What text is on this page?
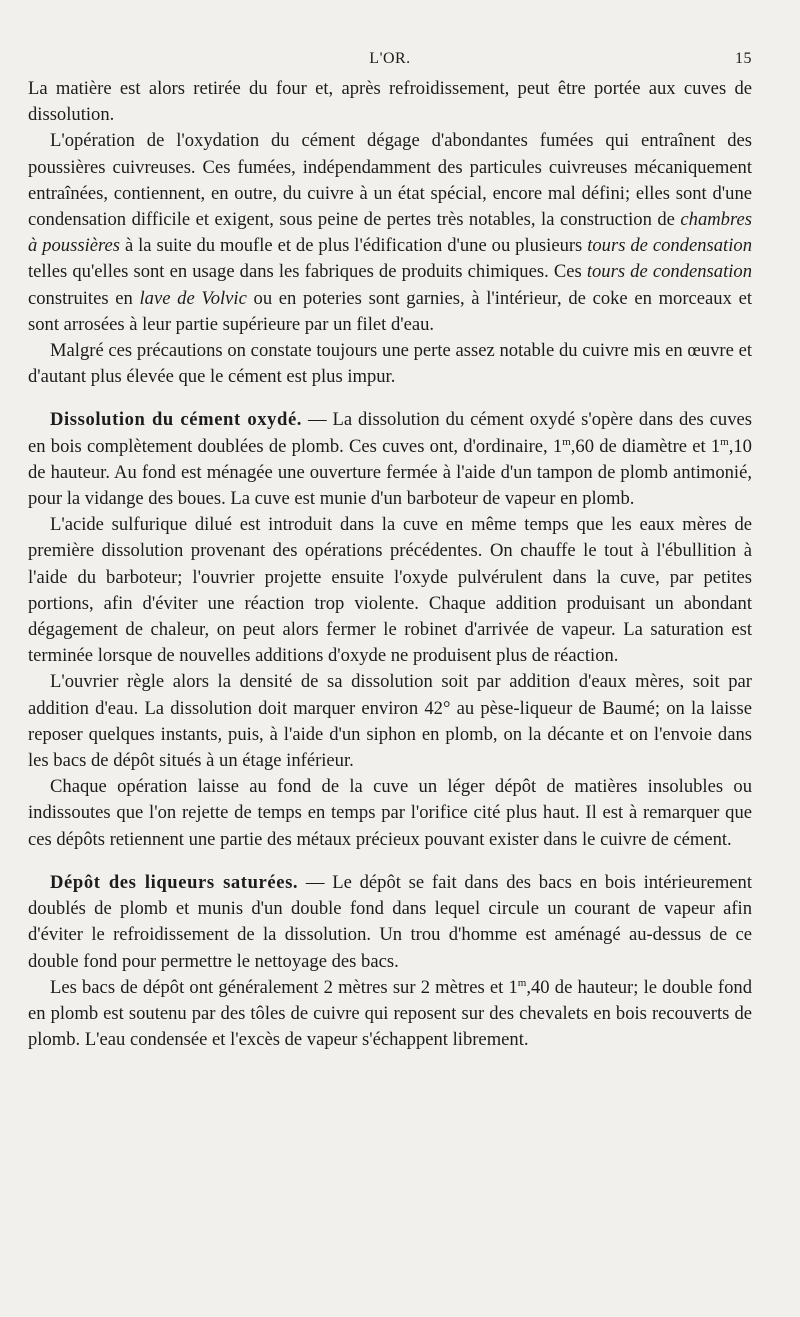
L'OR.	15

La matière est alors retirée du four et, après refroidissement, peut être portée aux cuves de dissolution.

L'opération de l'oxydation du cément dégage d'abondantes fumées qui entraînent des poussières cuivreuses. Ces fumées, indépendamment des particules cuivreuses mécaniquement entraînées, contiennent, en outre, du cuivre à un état spécial, encore mal défini; elles sont d'une condensation difficile et exigent, sous peine de pertes très notables, la construction de chambres à poussières à la suite du moufle et de plus l'édification d'une ou plusieurs tours de condensation telles qu'elles sont en usage dans les fabriques de produits chimiques. Ces tours de condensation construites en lave de Volvic ou en poteries sont garnies, à l'intérieur, de coke en morceaux et sont arrosées à leur partie supérieure par un filet d'eau.

Malgré ces précautions on constate toujours une perte assez notable du cuivre mis en œuvre et d'autant plus élevée que le cément est plus impur.

Dissolution du cément oxydé. — La dissolution du cément oxydé s'opère dans des cuves en bois complètement doublées de plomb. Ces cuves ont, d'ordinaire, 1$^m$,60 de diamètre et 1$^m$,10 de hauteur. Au fond est ménagée une ouverture fermée à l'aide d'un tampon de plomb antimonié, pour la vidange des boues. La cuve est munie d'un barboteur de vapeur en plomb.

L'acide sulfurique dilué est introduit dans la cuve en même temps que les eaux mères de première dissolution provenant des opérations précédentes. On chauffe le tout à l'ébullition à l'aide du barboteur; l'ouvrier projette ensuite l'oxyde pulvérulent dans la cuve, par petites portions, afin d'éviter une réaction trop violente. Chaque addition produisant un abondant dégagement de chaleur, on peut alors fermer le robinet d'arrivée de vapeur. La saturation est terminée lorsque de nouvelles additions d'oxyde ne produisent plus de réaction.

L'ouvrier règle alors la densité de sa dissolution soit par addition d'eaux mères, soit par addition d'eau. La dissolution doit marquer environ 42° au pèse-liqueur de Baumé; on la laisse reposer quelques instants, puis, à l'aide d'un siphon en plomb, on la décante et on l'envoie dans les bacs de dépôt situés à un étage inférieur.

Chaque opération laisse au fond de la cuve un léger dépôt de matières insolubles ou indissoutes que l'on rejette de temps en temps par l'orifice cité plus haut. Il est à remarquer que ces dépôts retiennent une partie des métaux précieux pouvant exister dans le cuivre de cément.

Dépôt des liqueurs saturées. — Le dépôt se fait dans des bacs en bois intérieurement doublés de plomb et munis d'un double fond dans lequel circule un courant de vapeur afin d'éviter le refroidissement de la dissolution. Un trou d'homme est aménagé au-dessus de ce double fond pour permettre le nettoyage des bacs.

Les bacs de dépôt ont généralement 2 mètres sur 2 mètres et 1$^m$,40 de hauteur; le double fond en plomb est soutenu par des tôles de cuivre qui reposent sur des chevalets en bois recouverts de plomb. L'eau condensée et l'excès de vapeur s'échappent librement.
